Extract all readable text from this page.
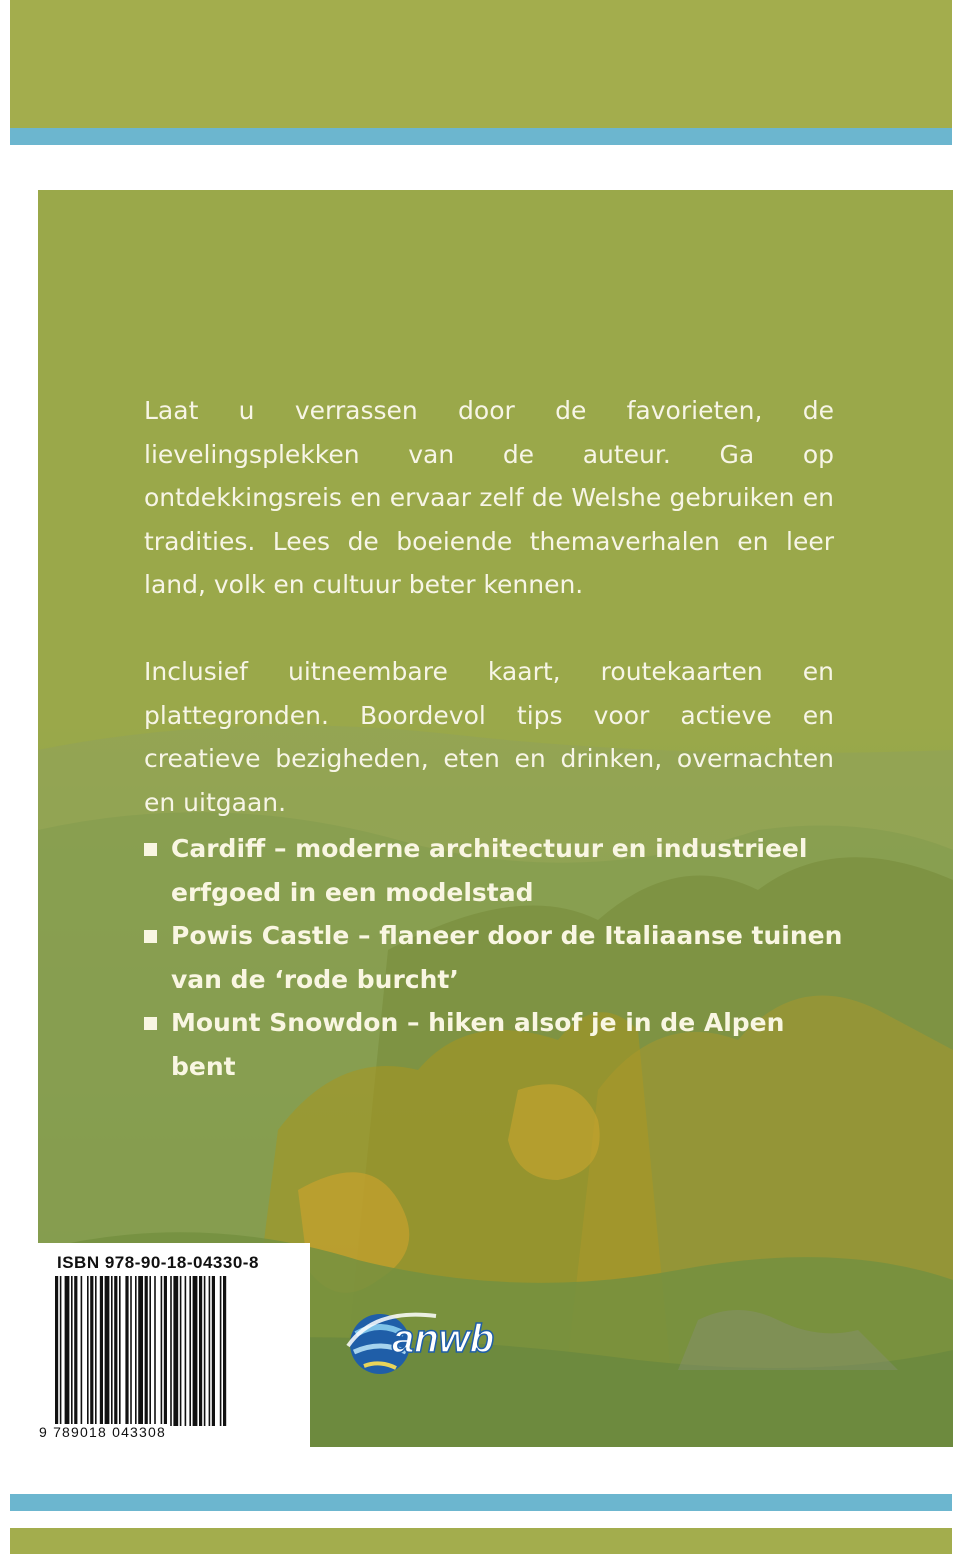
Laat u verrassen door de favorieten, de lievelingsplekken van de auteur. Ga op ontdekkingsreis en ervaar zelf de Welshe gebruiken en tradities. Lees de boeiende themaverhalen en leer land, volk en cultuur beter kennen.
Inclusief uitneembare kaart, routekaarten en plattegronden. Boordevol tips voor actieve en creatieve bezigheden, eten en drinken, overnachten en uitgaan.
Cardiff – moderne architectuur en industrieel erfgoed in een modelstad
Powis Castle – flaneer door de Italiaanse tuinen van de ‘rode burcht’
Mount Snowdon – hiken alsof je in de Alpen bent
ISBN 978-90-18-04330-8
9 789018 043308
anwb
